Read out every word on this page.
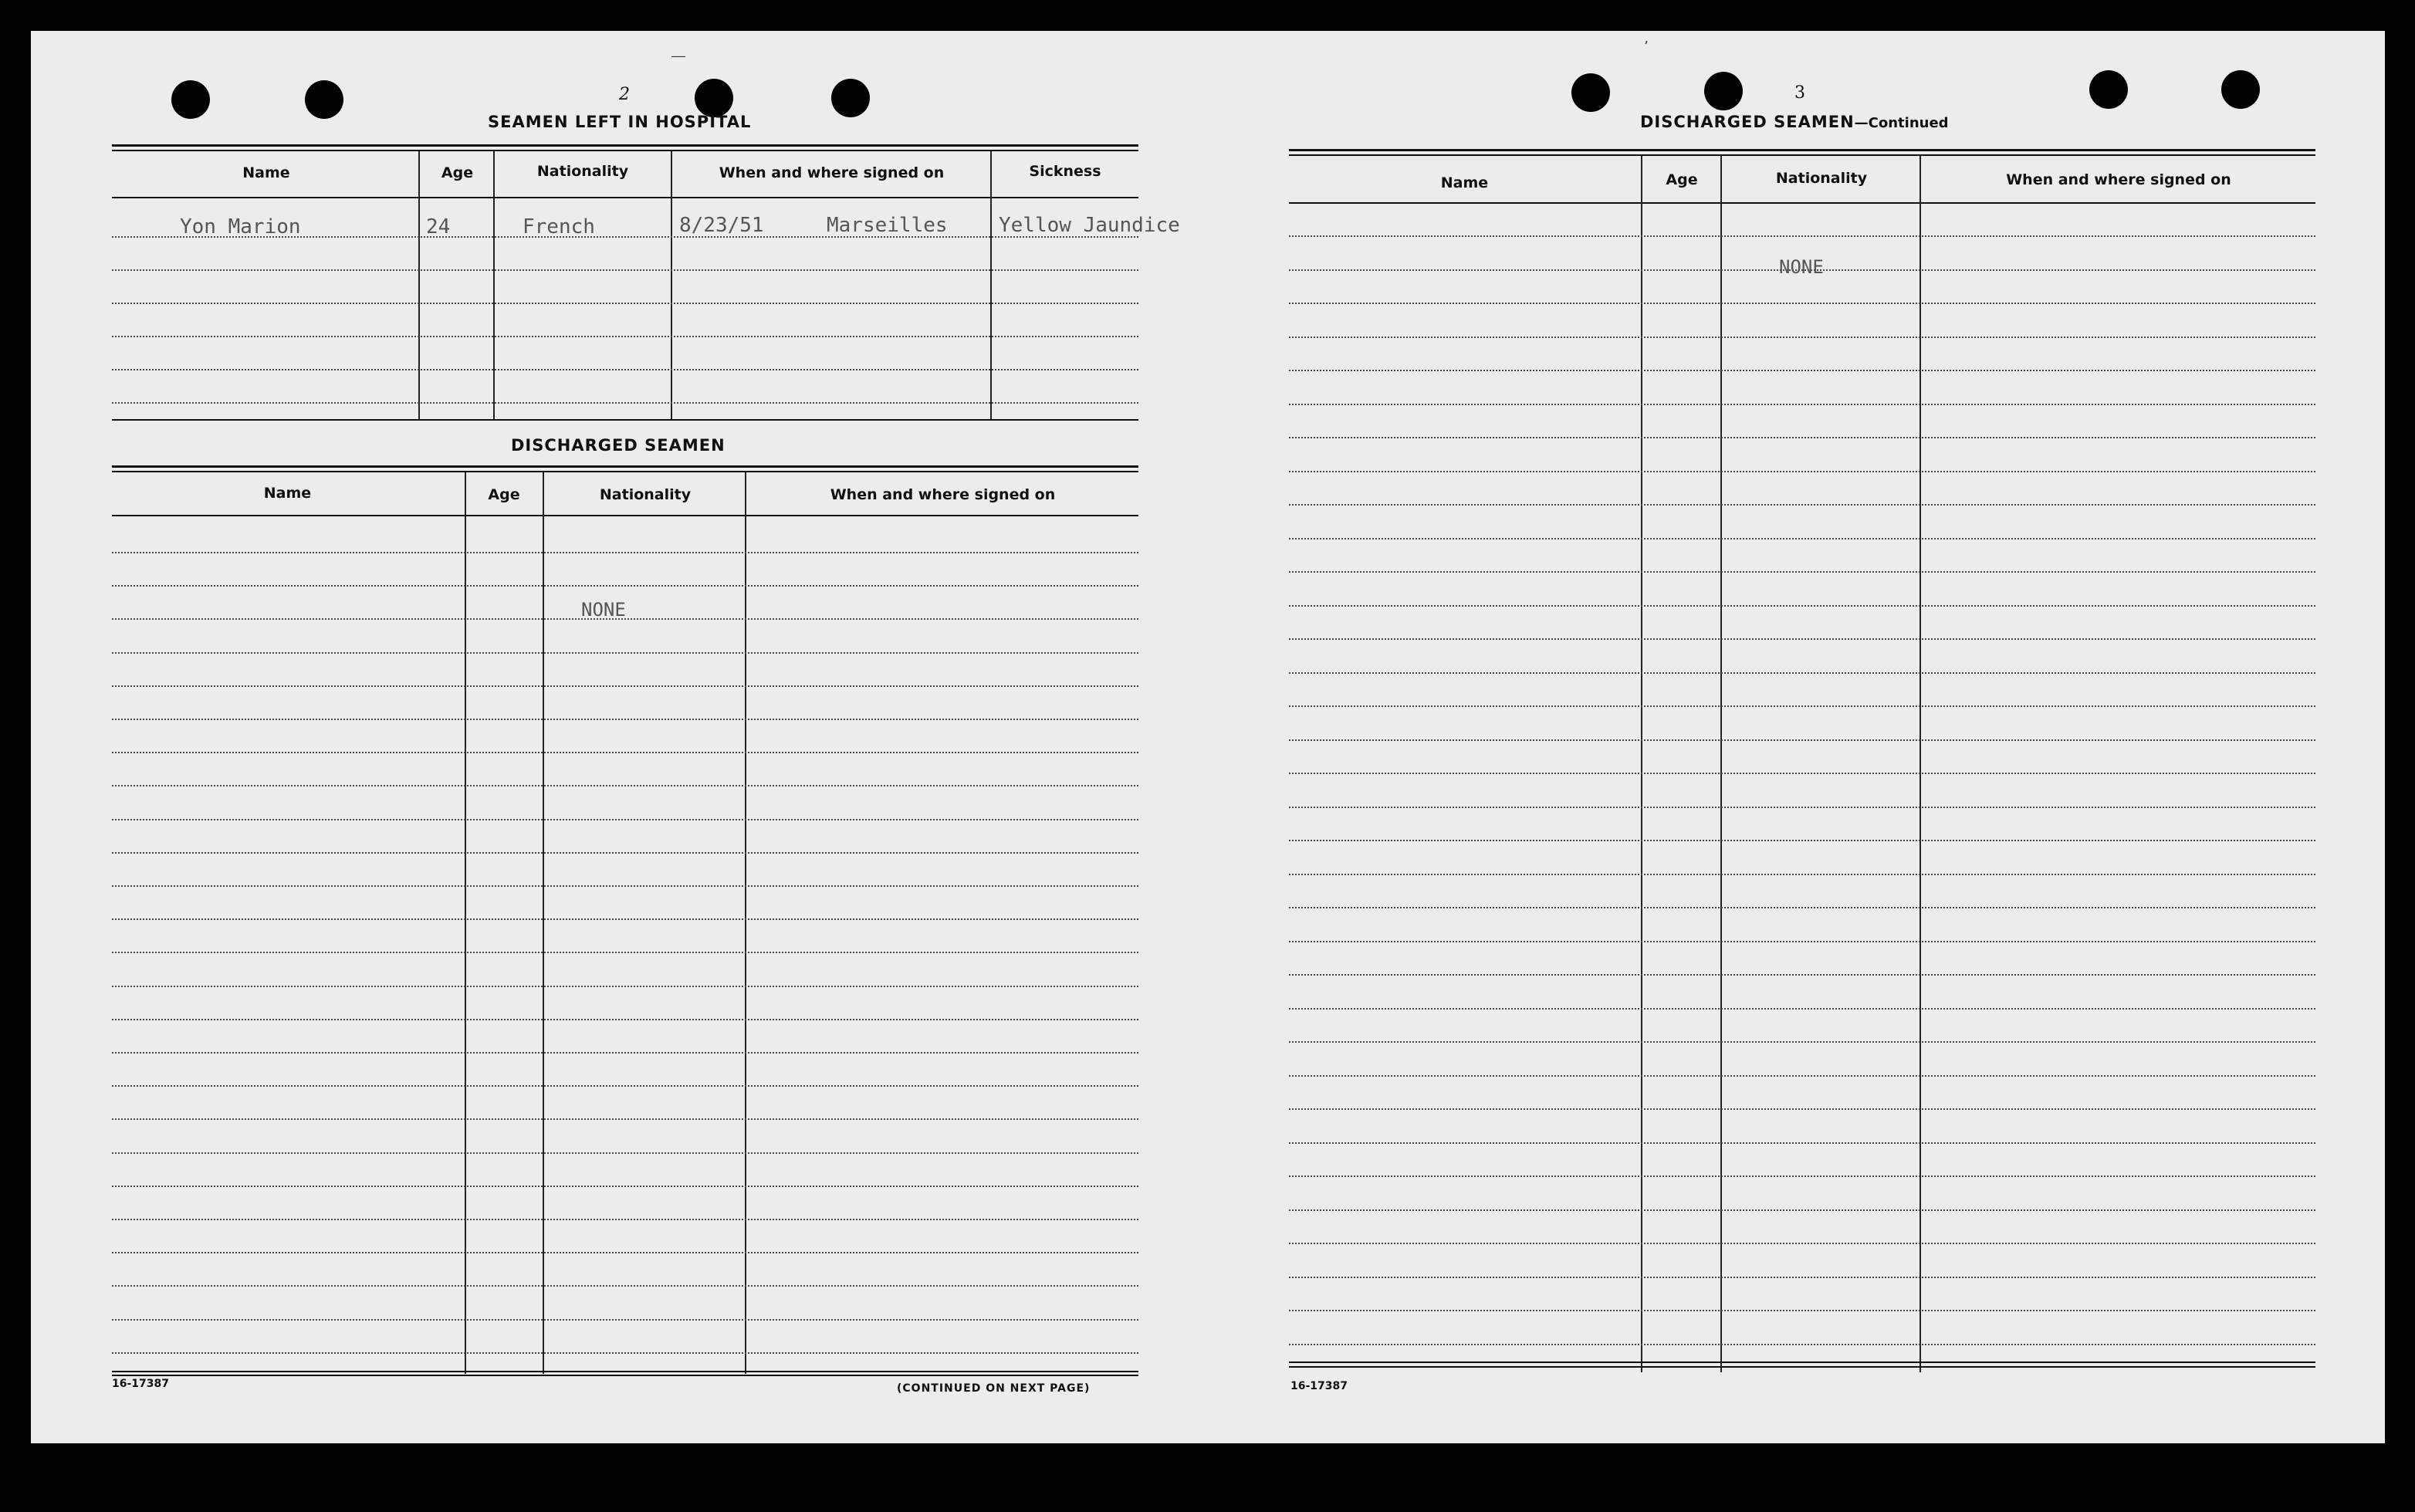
―
’
2
SEAMEN LEFT IN HOSPITAL
Name	Age	Nationality	When and where signed on	Sickness
Yon Marion	24	French	8/23/51	Marseilles	Yellow Jaundice
DISCHARGED SEAMEN
Name	Age	Nationality	When and where signed on
NONE
16-17387	(CONTINUED ON NEXT PAGE)
3
DISCHARGED SEAMEN—Continued
Name	Age	Nationality	When and where signed on
NONE
16-17387
